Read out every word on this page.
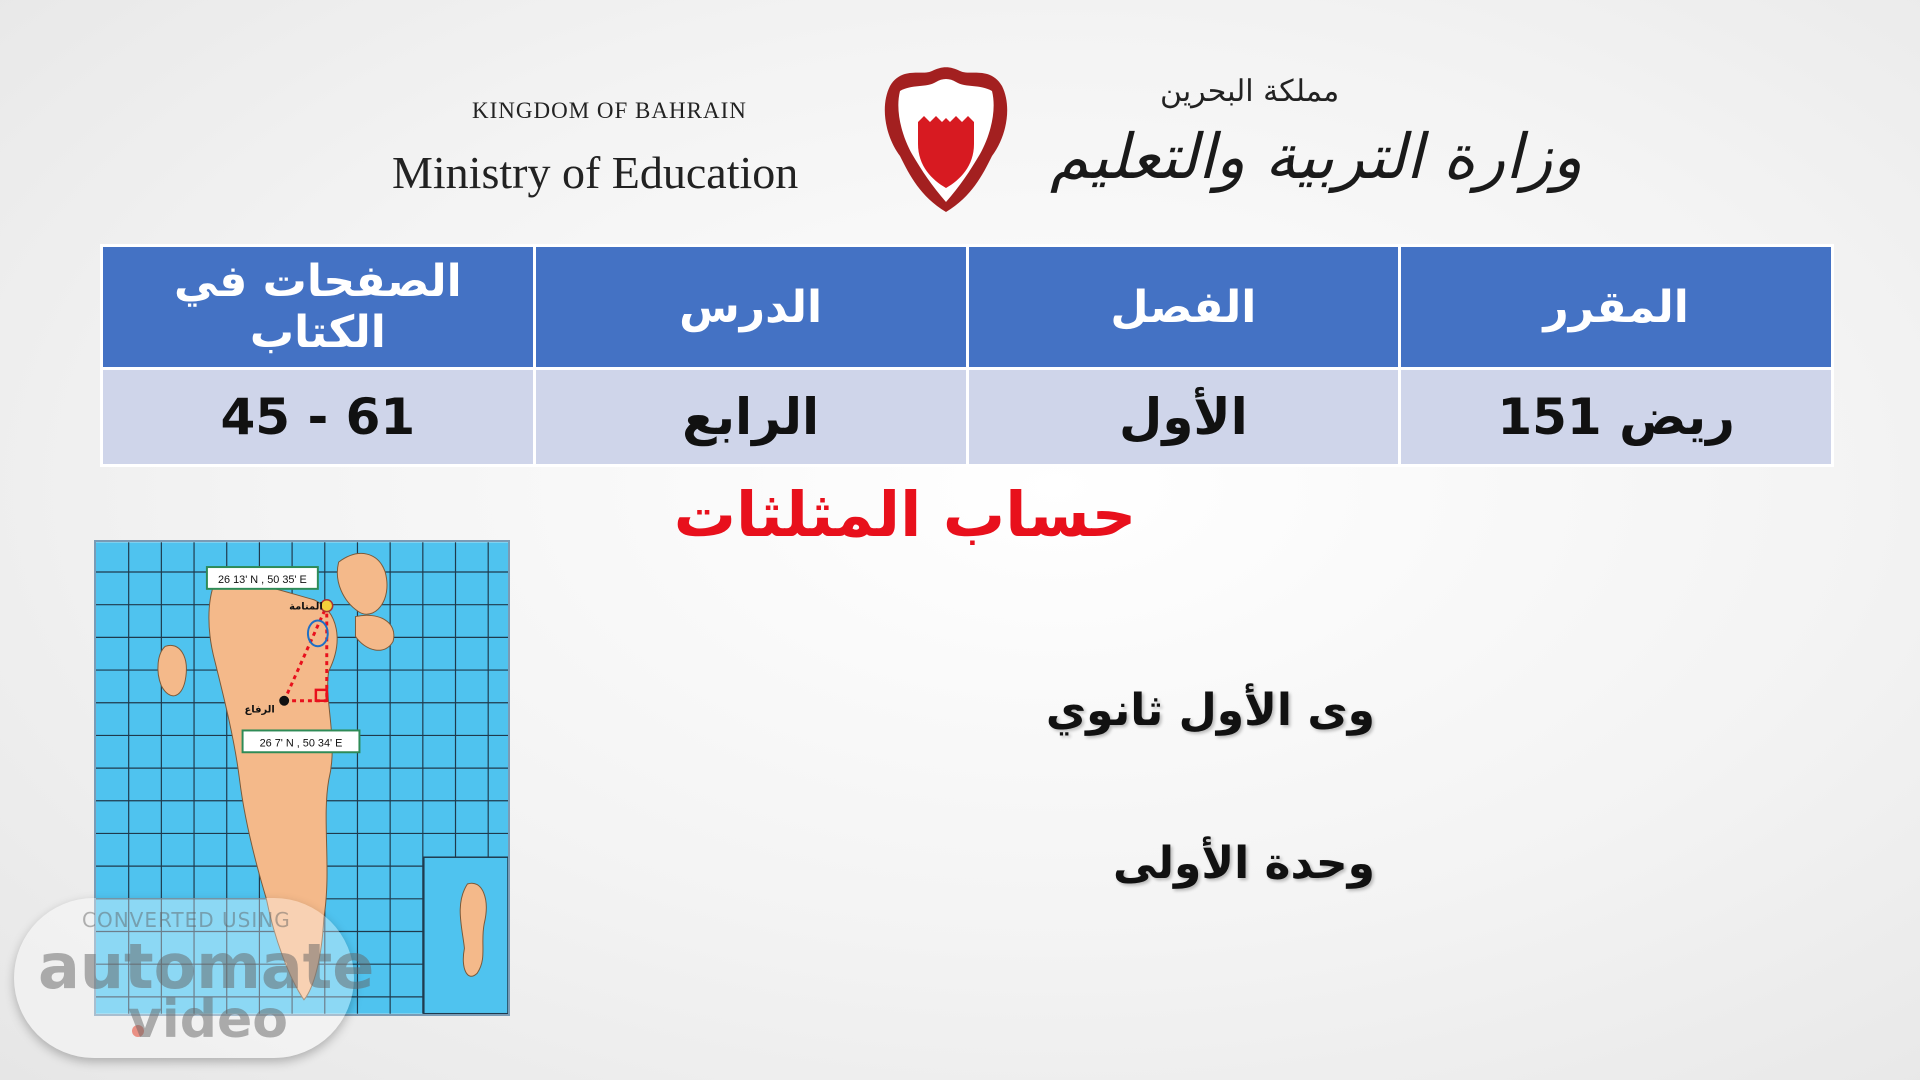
KINGDOM OF BAHRAIN
Ministry of Education
مملكة البحرين
وزارة التربية والتعليم
المقرر	الفصل	الدرس	الصفحات في الكتاب
ريض 151	الأول	الرابع	45 - 61
حساب المثلثات
وى الأول ثانوي
وحدة الأولى
26 13' N , 50 35' E
26 7' N , 50 34' E
المنامة
الرفاع
CONVERTED USING
automate
video
